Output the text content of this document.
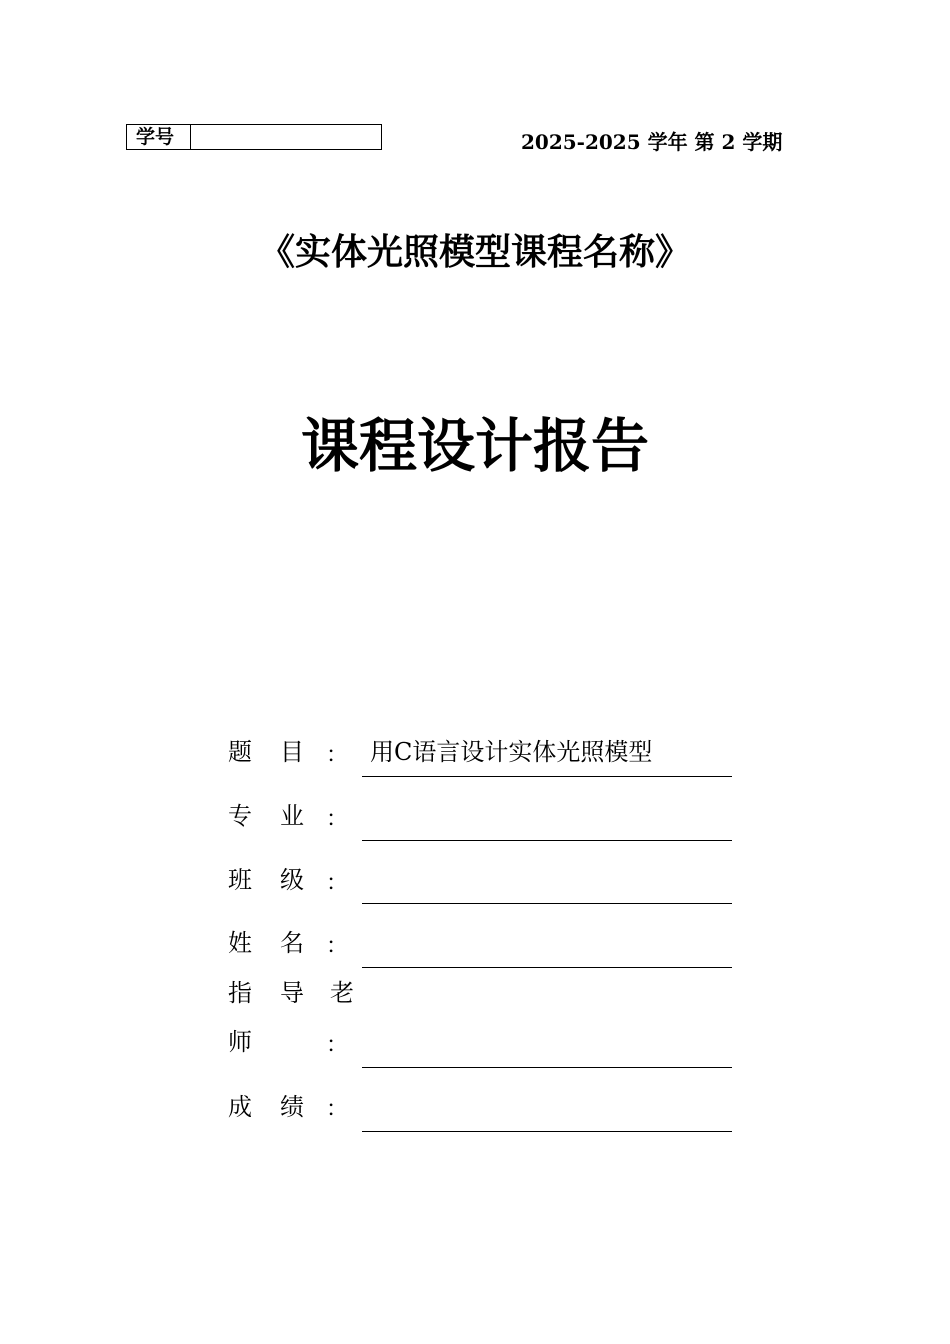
学号	2025-2025 学年 第 2 学期
《实体光照模型课程名称》
课程设计报告
题 目 ： 用C语言设计实体光照模型
专 业 ：
班 级 ：
姓 名 ：
指 导 老
师	：
成 绩 ：
